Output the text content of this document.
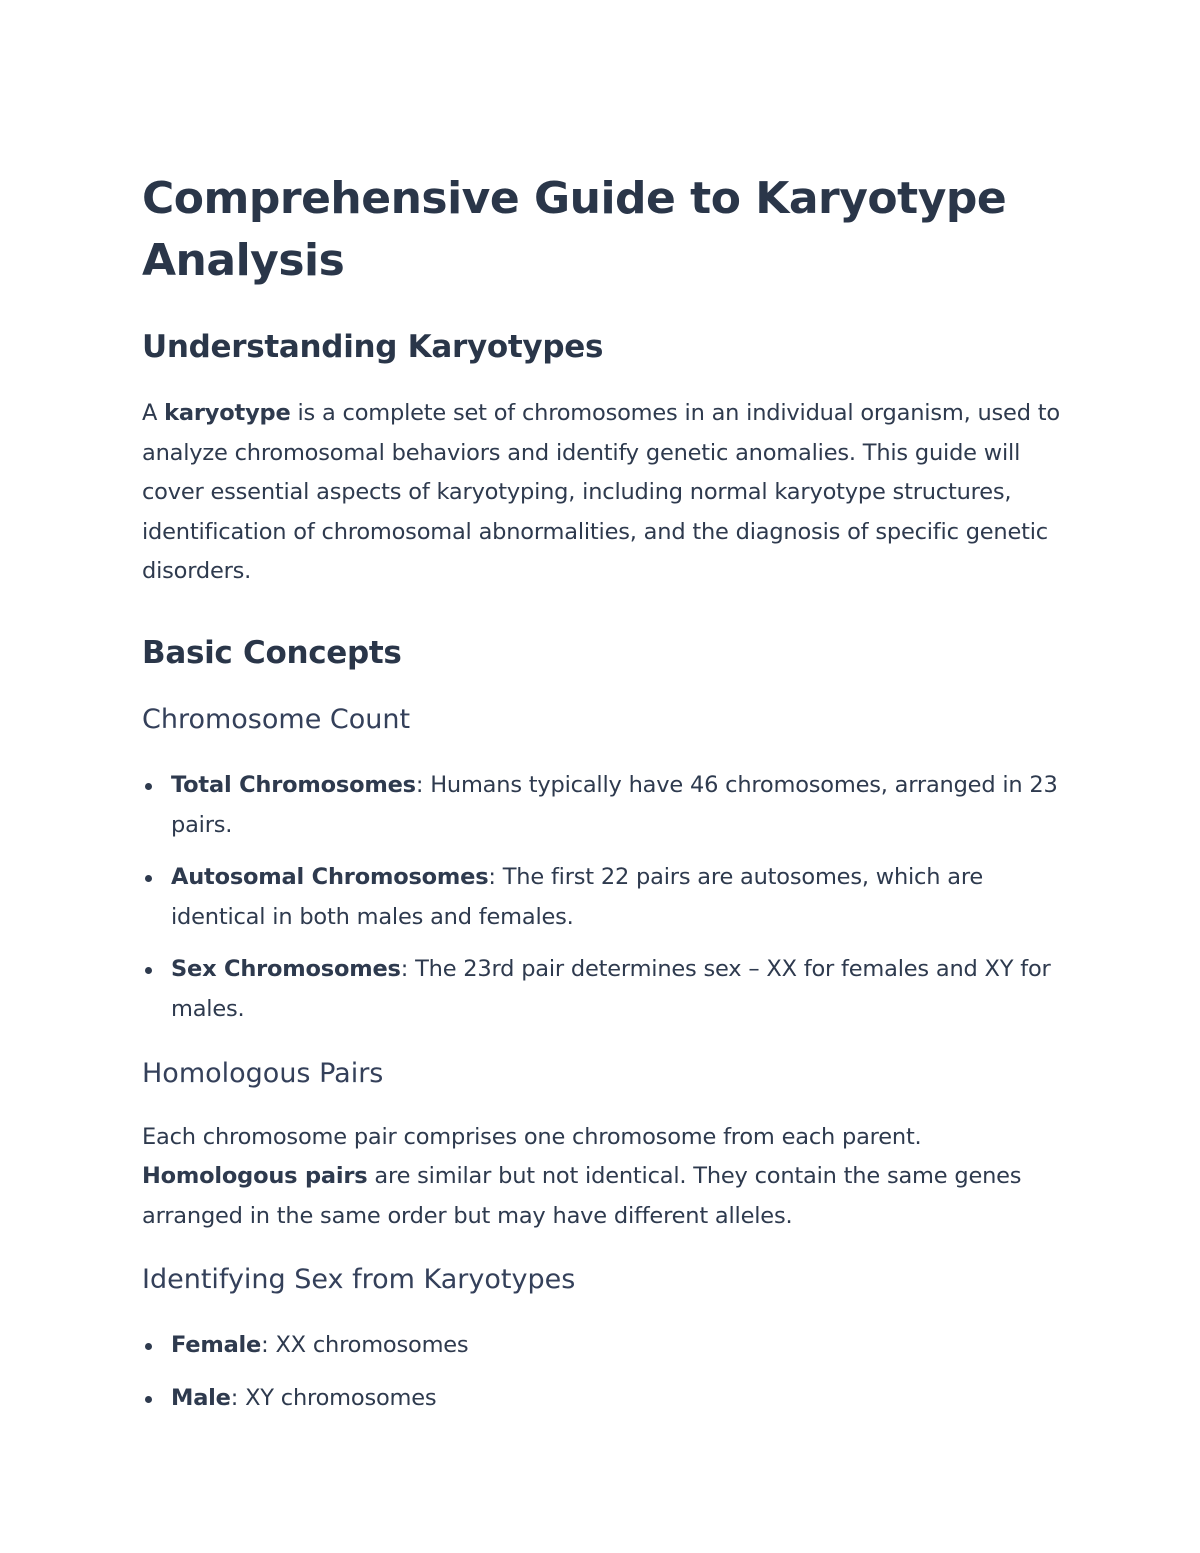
Comprehensive Guide to Karyotype Analysis
Understanding Karyotypes

A karyotype is a complete set of chromosomes in an individual organism, used to analyze chromosomal behaviors and identify genetic anomalies. This guide will cover essential aspects of karyotyping, including normal karyotype structures, identification of chromosomal abnormalities, and the diagnosis of specific genetic disorders.

Basic Concepts
Chromosome Count
Total Chromosomes: Humans typically have 46 chromosomes, arranged in 23 pairs.
Autosomal Chromosomes: The first 22 pairs are autosomes, which are identical in both males and females.
Sex Chromosomes: The 23rd pair determines sex – XX for females and XY for males.
Homologous Pairs

Each chromosome pair comprises one chromosome from each parent. Homologous pairs are similar but not identical. They contain the same genes arranged in the same order but may have different alleles.

Identifying Sex from Karyotypes
Female: XX chromosomes
Male: XY chromosomes
